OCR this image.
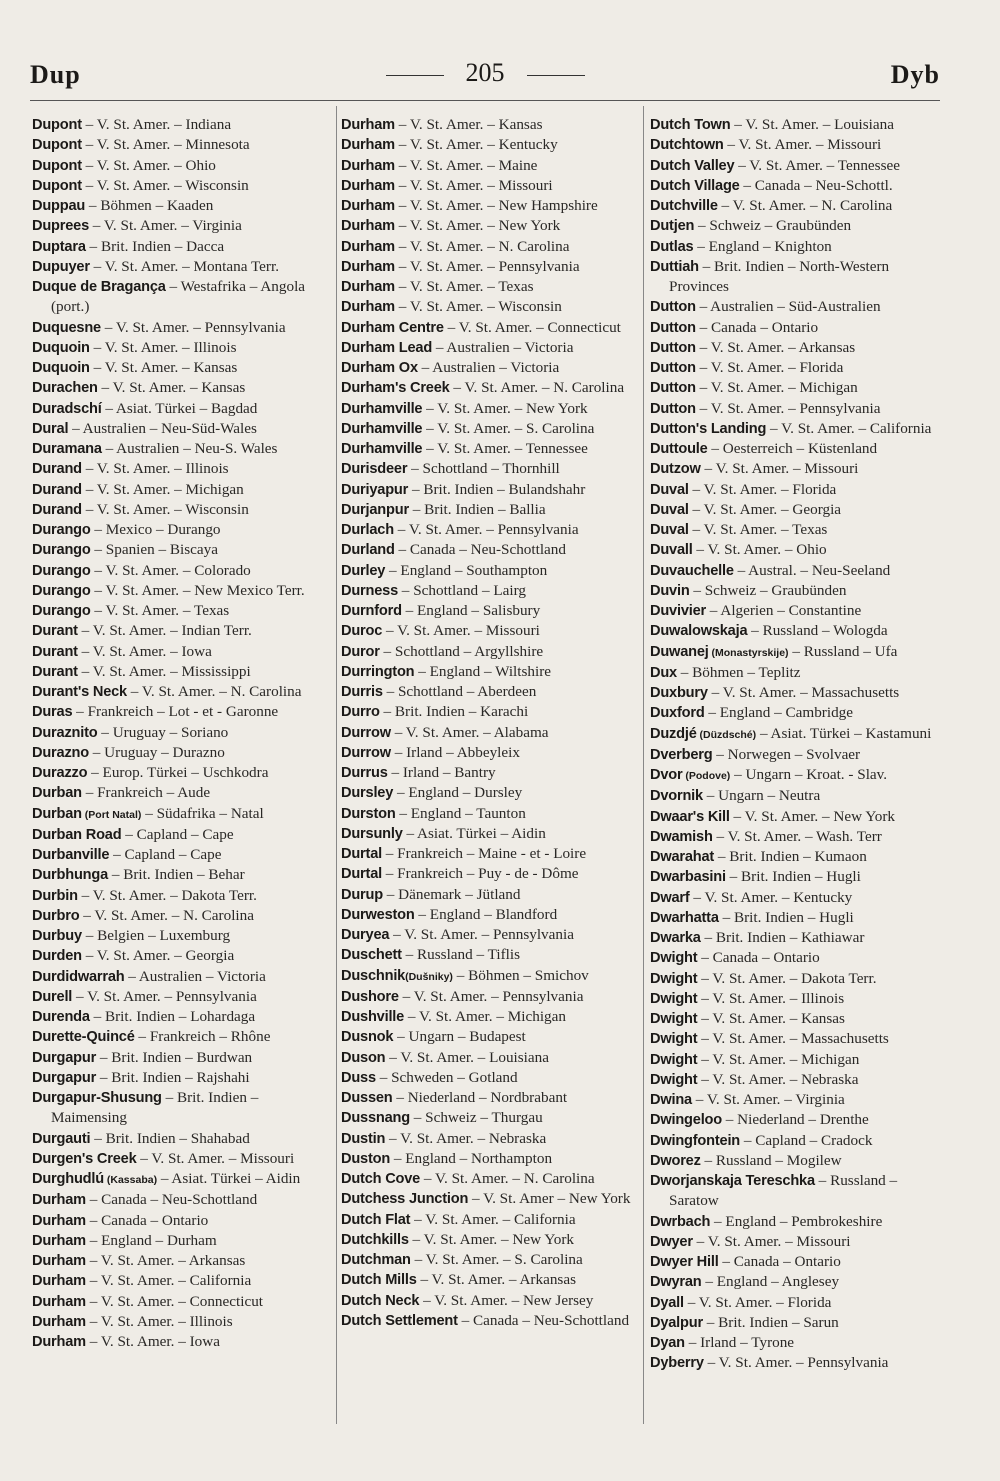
Dup	205	Dyb
Dupont – V. St. Amer. – Indiana
Dupont – V. St. Amer. – Minnesota
Dupont – V. St. Amer. – Ohio
Dupont – V. St. Amer. – Wisconsin
Duppau – Böhmen – Kaaden
Duprees – V. St. Amer. – Virginia
Duptara – Brit. Indien – Dacca
Dupuyer – V. St. Amer. – Montana Terr.
Duque de Bragança – Westafrika – Angola (port.)
Duquesne – V. St. Amer. – Pennsylvania
Duquoin – V. St. Amer. – Illinois
Duquoin – V. St. Amer. – Kansas
Durachen – V. St. Amer. – Kansas
Duradschí – Asiat. Türkei – Bagdad
Dural – Australien – Neu-Süd-Wales
Duramana – Australien – Neu-S. Wales
Durand – V. St. Amer. – Illinois
Durand – V. St. Amer. – Michigan
Durand – V. St. Amer. – Wisconsin
Durango – Mexico – Durango
Durango – Spanien – Biscaya
Durango – V. St. Amer. – Colorado
Durango – V. St. Amer. – New Mexico Terr.
Durango – V. St. Amer. – Texas
Durant – V. St. Amer. – Indian Terr.
Durant – V. St. Amer. – Iowa
Durant – V. St. Amer. – Mississippi
Durant's Neck – V. St. Amer. – N. Carolina
Duras – Frankreich – Lot - et - Garonne
Duraznito – Uruguay – Soriano
Durazno – Uruguay – Durazno
Durazzo – Europ. Türkei – Uschkodra
Durban – Frankreich – Aude
Durban (Port Natal) – Südafrika – Natal
Durban Road – Capland – Cape
Durbanville – Capland – Cape
Durbhunga – Brit. Indien – Behar
Durbin – V. St. Amer. – Dakota Terr.
Durbro – V. St. Amer. – N. Carolina
Durbuy – Belgien – Luxemburg
Durden – V. St. Amer. – Georgia
Durdidwarrah – Australien – Victoria
Durell – V. St. Amer. – Pennsylvania
Durenda – Brit. Indien – Lohardaga
Durette-Quincé – Frankreich – Rhône
Durgapur – Brit. Indien – Burdwan
Durgapur – Brit. Indien – Rajshahi
Durgapur-Shusung – Brit. Indien – Maimensing
Durgauti – Brit. Indien – Shahabad
Durgen's Creek – V. St. Amer. – Missouri
Durghudlú (Kassaba) – Asiat. Türkei – Aidin
Durham – Canada – Neu-Schottland
Durham – Canada – Ontario
Durham – England – Durham
Durham – V. St. Amer. – Arkansas
Durham – V. St. Amer. – California
Durham – V. St. Amer. – Connecticut
Durham – V. St. Amer. – Illinois
Durham – V. St. Amer. – Iowa
Durham – V. St. Amer. – Kansas
Durham – V. St. Amer. – Kentucky
Durham – V. St. Amer. – Maine
Durham – V. St. Amer. – Missouri
Durham – V. St. Amer. – New Hampshire
Durham – V. St. Amer. – New York
Durham – V. St. Amer. – N. Carolina
Durham – V. St. Amer. – Pennsylvania
Durham – V. St. Amer. – Texas
Durham – V. St. Amer. – Wisconsin
Durham Centre – V. St. Amer. – Connecticut
Durham Lead – Australien – Victoria
Durham Ox – Australien – Victoria
Durham's Creek – V. St. Amer. – N. Carolina
Durhamville – V. St. Amer. – New York
Durhamville – V. St. Amer. – S. Carolina
Durhamville – V. St. Amer. – Tennessee
Durisdeer – Schottland – Thornhill
Duriyapur – Brit. Indien – Bulandshahr
Durjanpur – Brit. Indien – Ballia
Durlach – V. St. Amer. – Pennsylvania
Durland – Canada – Neu-Schottland
Durley – England – Southampton
Durness – Schottland – Lairg
Durnford – England – Salisbury
Duroc – V. St. Amer. – Missouri
Duror – Schottland – Argyllshire
Durrington – England – Wiltshire
Durris – Schottland – Aberdeen
Durro – Brit. Indien – Karachi
Durrow – V. St. Amer. – Alabama
Durrow – Irland – Abbeyleix
Durrus – Irland – Bantry
Dursley – England – Dursley
Durston – England – Taunton
Dursunly – Asiat. Türkei – Aidin
Durtal – Frankreich – Maine - et - Loire
Durtal – Frankreich – Puy - de - Dôme
Durup – Dänemark – Jütland
Durweston – England – Blandford
Duryea – V. St. Amer. – Pennsylvania
Duschett – Russland – Tiflis
Duschnik(Dušniky) – Böhmen – Smichov
Dushore – V. St. Amer. – Pennsylvania
Dushville – V. St. Amer. – Michigan
Dusnok – Ungarn – Budapest
Duson – V. St. Amer. – Louisiana
Duss – Schweden – Gotland
Dussen – Niederland – Nordbrabant
Dussnang – Schweiz – Thurgau
Dustin – V. St. Amer. – Nebraska
Duston – England – Northampton
Dutch Cove – V. St. Amer. – N. Carolina
Dutchess Junction – V. St. Amer – New York
Dutch Flat – V. St. Amer. – California
Dutchkills – V. St. Amer. – New York
Dutchman – V. St. Amer. – S. Carolina
Dutch Mills – V. St. Amer. – Arkansas
Dutch Neck – V. St. Amer. – New Jersey
Dutch Settlement – Canada – Neu-Schottland
Dutch Town – V. St. Amer. – Louisiana
Dutchtown – V. St. Amer. – Missouri
Dutch Valley – V. St. Amer. – Tennessee
Dutch Village – Canada – Neu-Schottl.
Dutchville – V. St. Amer. – N. Carolina
Dutjen – Schweiz – Graubünden
Dutlas – England – Knighton
Duttiah – Brit. Indien – North-Western Provinces
Dutton – Australien – Süd-Australien
Dutton – Canada – Ontario
Dutton – V. St. Amer. – Arkansas
Dutton – V. St. Amer. – Florida
Dutton – V. St. Amer. – Michigan
Dutton – V. St. Amer. – Pennsylvania
Dutton's Landing – V. St. Amer. – California
Duttoule – Oesterreich – Küstenland
Dutzow – V. St. Amer. – Missouri
Duval – V. St. Amer. – Florida
Duval – V. St. Amer. – Georgia
Duval – V. St. Amer. – Texas
Duvall – V. St. Amer. – Ohio
Duvauchelle – Austral. – Neu-Seeland
Duvin – Schweiz – Graubünden
Duvivier – Algerien – Constantine
Duwalowskaja – Russland – Wologda
Duwanej (Monastyrskije) – Russland – Ufa
Dux – Böhmen – Teplitz
Duxbury – V. St. Amer. – Massachusetts
Duxford – England – Cambridge
Duzdjé (Düzdsché) – Asiat. Türkei – Kastamuni
Dverberg – Norwegen – Svolvaer
Dvor (Podove) – Ungarn – Kroat. - Slav.
Dvornik – Ungarn – Neutra
Dwaar's Kill – V. St. Amer. – New York
Dwamish – V. St. Amer. – Wash. Terr
Dwarahat – Brit. Indien – Kumaon
Dwarbasini – Brit. Indien – Hugli
Dwarf – V. St. Amer. – Kentucky
Dwarhatta – Brit. Indien – Hugli
Dwarka – Brit. Indien – Kathiawar
Dwight – Canada – Ontario
Dwight – V. St. Amer. – Dakota Terr.
Dwight – V. St. Amer. – Illinois
Dwight – V. St. Amer. – Kansas
Dwight – V. St. Amer. – Massachusetts
Dwight – V. St. Amer. – Michigan
Dwight – V. St. Amer. – Nebraska
Dwina – V. St. Amer. – Virginia
Dwingeloo – Niederland – Drenthe
Dwingfontein – Capland – Cradock
Dworez – Russland – Mogilew
Dworjanskaja Tereschka – Russland – Saratow
Dwrbach – England – Pembrokeshire
Dwyer – V. St. Amer. – Missouri
Dwyer Hill – Canada – Ontario
Dwyran – England – Anglesey
Dyall – V. St. Amer. – Florida
Dyalpur – Brit. Indien – Sarun
Dyan – Irland – Tyrone
Dyberry – V. St. Amer. – Pennsylvania
